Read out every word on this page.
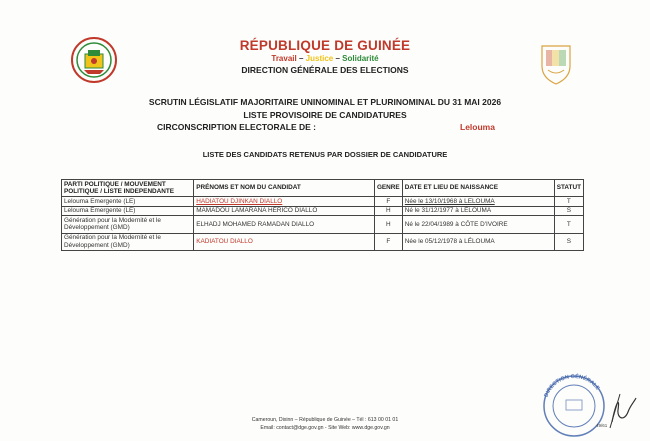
RÉPUBLIQUE DE GUINÉE
Travail – Justice – Solidarité
DIRECTION GÉNÉRALE DES ELECTIONS
SCRUTIN LÉGISLATIF MAJORITAIRE UNINOMINAL ET PLURINOMINAL DU 31 MAI 2026
LISTE PROVISOIRE DE CANDIDATURES
CIRCONSCRIPTION ELECTORALE DE :	Lelouma
LISTE DES CANDIDATS RETENUS PAR DOSSIER DE CANDIDATURE
PARTI POLITIQUE / MOUVEMENT POLITIQUE / LISTE INDEPENDANTE	PRÉNOMS ET NOM DU CANDIDAT	GENRE	DATE ET LIEU DE NAISSANCE	STATUT
Lelouma Emergente (LE)	HADIATOU DJINKAN DIALLO	F	Née le 13/10/1968 à LELOUMA	T
Lelouma Emergente (LE)	MAMADOU LAMARANA HÉRICO DIALLO	H	Né le 31/12/1977 à LÉLOUMA	S
Génération pour la Modernité et le Développement (GMD)	ELHADJ MOHAMED RAMADAN DIALLO	H	Né le 22/04/1989 à CÔTE D'IVOIRE	T
Génération pour la Modernité et le Développement (GMD)	KADIATOU DIALLO	F	Née le 05/12/1978 à LÉLOUMA	S
Cameroun, Dixinn – République de Guinée – Tél : 613 00 01 01
Email: contact@dge.gov.gn - Site Web: www.dge.gov.gn
DIRECTION GÉNÉRALE
49/61
